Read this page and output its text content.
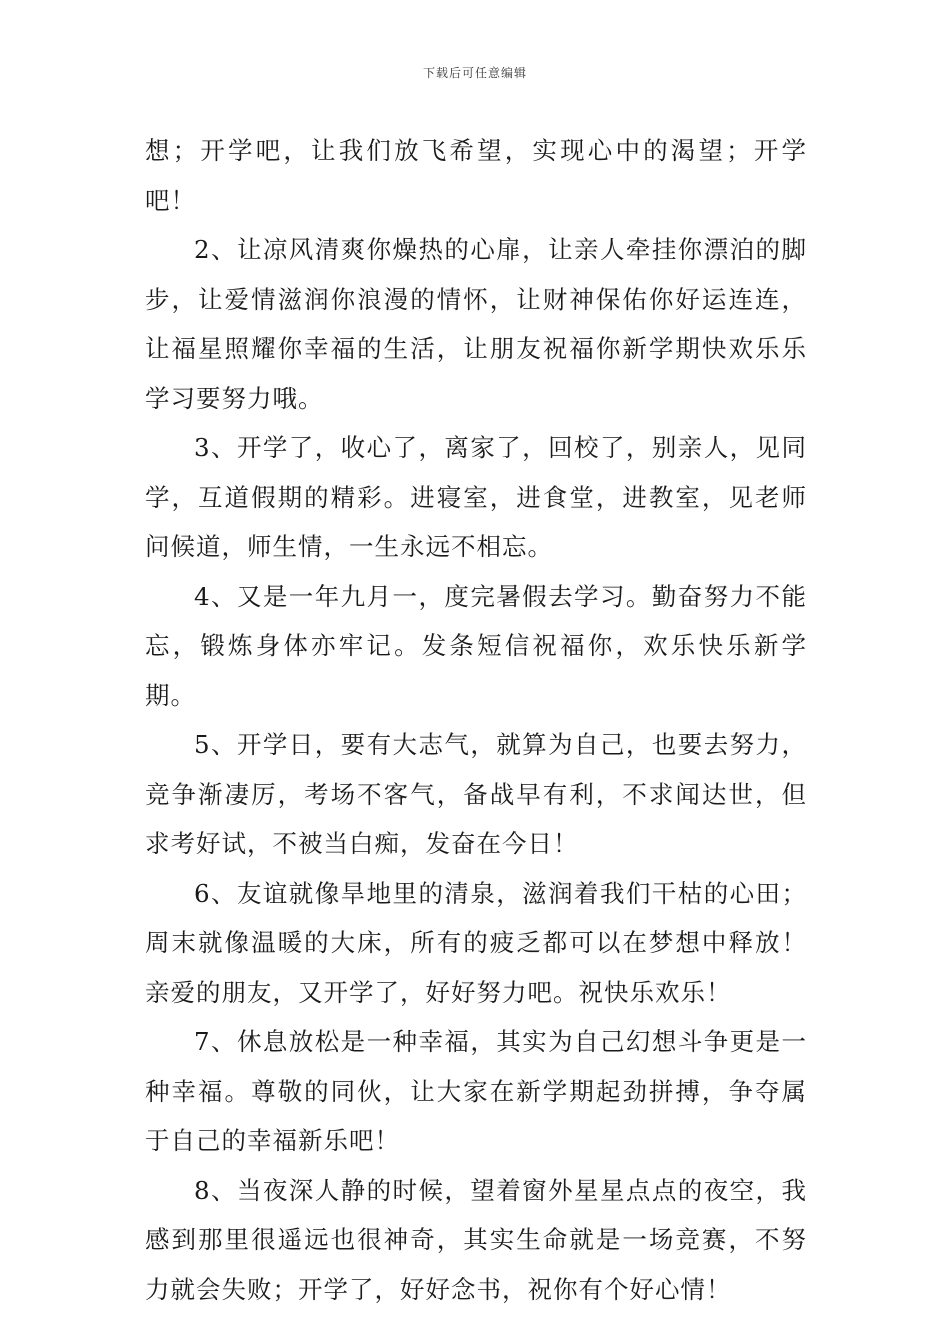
下载后可任意编辑

想；开学吧，让我们放飞希望，实现心中的渴望；开学吧！

2、让凉风清爽你燥热的心扉，让亲人牵挂你漂泊的脚步，让爱情滋润你浪漫的情怀，让财神保佑你好运连连，让福星照耀你幸福的生活，让朋友祝福你新学期快欢乐乐学习要努力哦。

3、开学了，收心了，离家了，回校了，别亲人，见同学，互道假期的精彩。进寝室，进食堂，进教室，见老师问候道，师生情，一生永远不相忘。

4、又是一年九月一，度完暑假去学习。勤奋努力不能忘，锻炼身体亦牢记。发条短信祝福你，欢乐快乐新学期。

5、开学日，要有大志气，就算为自己，也要去努力，竞争渐凄厉，考场不客气，备战早有利，不求闻达世，但求考好试，不被当白痴，发奋在今日！

6、友谊就像旱地里的清泉，滋润着我们干枯的心田；周末就像温暖的大床，所有的疲乏都可以在梦想中释放！亲爱的朋友，又开学了，好好努力吧。祝快乐欢乐！

7、休息放松是一种幸福，其实为自己幻想斗争更是一种幸福。尊敬的同伙，让大家在新学期起劲拼搏，争夺属于自己的幸福新乐吧！

8、当夜深人静的时候，望着窗外星星点点的夜空，我感到那里很遥远也很神奇，其实生命就是一场竞赛，不努力就会失败；开学了，好好念书，祝你有个好心情！
